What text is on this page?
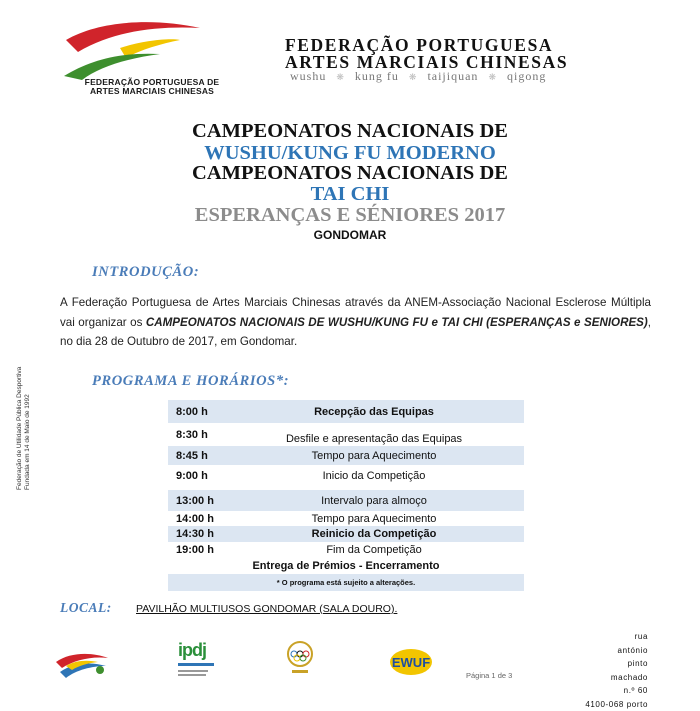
FEDERAÇÃO PORTUGUESA DE
ARTES MARCIAIS CHINESAS
FEDERAÇÃO PORTUGUESA
ARTES MARCIAIS CHINESAS
wushu ❋ kung fu ❋ taijiquan ❋ qigong
CAMPEONATOS NACIONAIS DE
WUSHU/KUNG FU MODERNO
CAMPEONATOS NACIONAIS DE
TAI CHI
ESPERANÇAS E SÉNIORES 2017
GONDOMAR
Federação de Utilidade Pública Desportiva Fundada em 14 de Maio de 1992
INTRODUÇÃO:
A Federação Portuguesa de Artes Marciais Chinesas através da ANEM-Associação Nacional Esclerose Múltipla vai organizar os CAMPEONATOS NACIONAIS DE WUSHU/KUNG FU e TAI CHI (ESPERANÇAS e SENIORES), no dia 28 de Outubro de 2017, em Gondomar.
PROGRAMA E HORÁRIOS*:
8:00 h	Recepção das Equipas
8:30 h	Desfile e apresentação das Equipas
8:45 h	Tempo para Aquecimento
9:00 h	Inicio da Competição
13:00 h	Intervalo para almoço
14:00 h	Tempo para Aquecimento
14:30 h	Reinicio da Competição
19:00 h	Fim da Competição
Entrega de Prémios - Encerramento
* O programa está sujeito a alterações.
LOCAL: PAVILHÃO MULTIUSOS GONDOMAR (SALA DOURO).
ipdj
EWUF
Página 1 de 3
rua
antónio
pinto
machado
n.º 60
4100-068 porto
